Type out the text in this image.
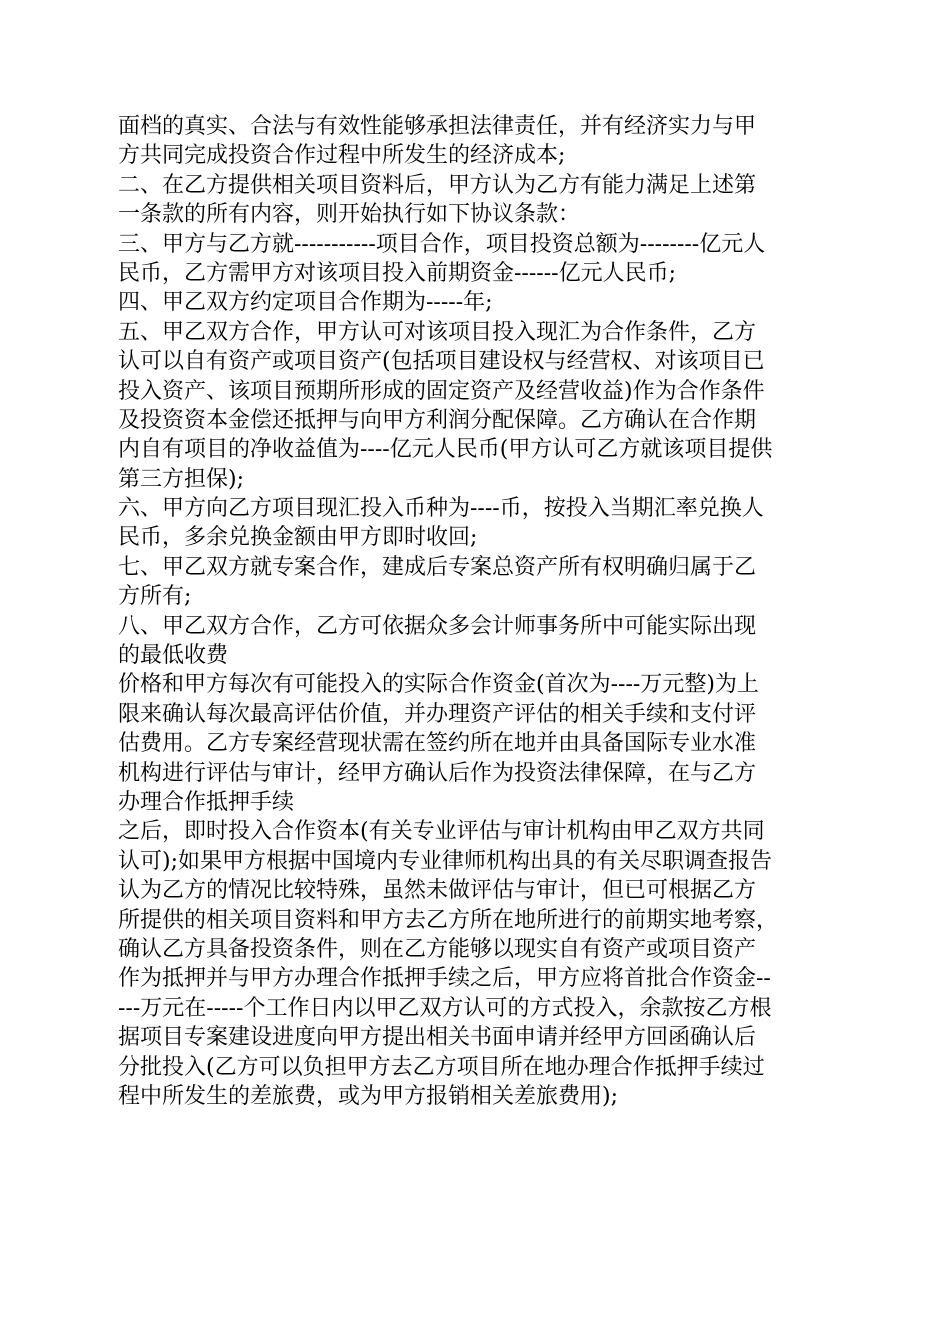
面档的真实、合法与有效性能够承担法律责任，并有经济实力与甲
方共同完成投资合作过程中所发生的经济成本;
二、在乙方提供相关项目资料后，甲方认为乙方有能力满足上述第
一条款的所有内容，则开始执行如下协议条款：
三、甲方与乙方就-----------项目合作，项目投资总额为--------亿元人
民币，乙方需甲方对该项目投入前期资金------亿元人民币;
四、甲乙双方约定项目合作期为-----年;
五、甲乙双方合作，甲方认可对该项目投入现汇为合作条件，乙方
认可以自有资产或项目资产(包括项目建设权与经营权、对该项目已
投入资产、该项目预期所形成的固定资产及经营收益)作为合作条件
及投资资本金偿还抵押与向甲方利润分配保障。乙方确认在合作期
内自有项目的净收益值为----亿元人民币(甲方认可乙方就该项目提供
第三方担保);
六、甲方向乙方项目现汇投入币种为----币，按投入当期汇率兑换人
民币，多余兑换金额由甲方即时收回;
七、甲乙双方就专案合作，建成后专案总资产所有权明确归属于乙
方所有;
八、甲乙双方合作，乙方可依据众多会计师事务所中可能实际出现
的最低收费
价格和甲方每次有可能投入的实际合作资金(首次为----万元整)为上
限来确认每次最高评估价值，并办理资产评估的相关手续和支付评
估费用。乙方专案经营现状需在签约所在地并由具备国际专业水准
机构进行评估与审计，经甲方确认后作为投资法律保障，在与乙方
办理合作抵押手续
之后，即时投入合作资本(有关专业评估与审计机构由甲乙双方共同
认可);如果甲方根据中国境内专业律师机构出具的有关尽职调查报告
认为乙方的情况比较特殊，虽然未做评估与审计，但已可根据乙方
所提供的相关项目资料和甲方去乙方所在地所进行的前期实地考察，
确认乙方具备投资条件，则在乙方能够以现实自有资产或项目资产
作为抵押并与甲方办理合作抵押手续之后，甲方应将首批合作资金--
---万元在-----个工作日内以甲乙双方认可的方式投入，余款按乙方根
据项目专案建设进度向甲方提出相关书面申请并经甲方回函确认后
分批投入(乙方可以负担甲方去乙方项目所在地办理合作抵押手续过
程中所发生的差旅费，或为甲方报销相关差旅费用);
